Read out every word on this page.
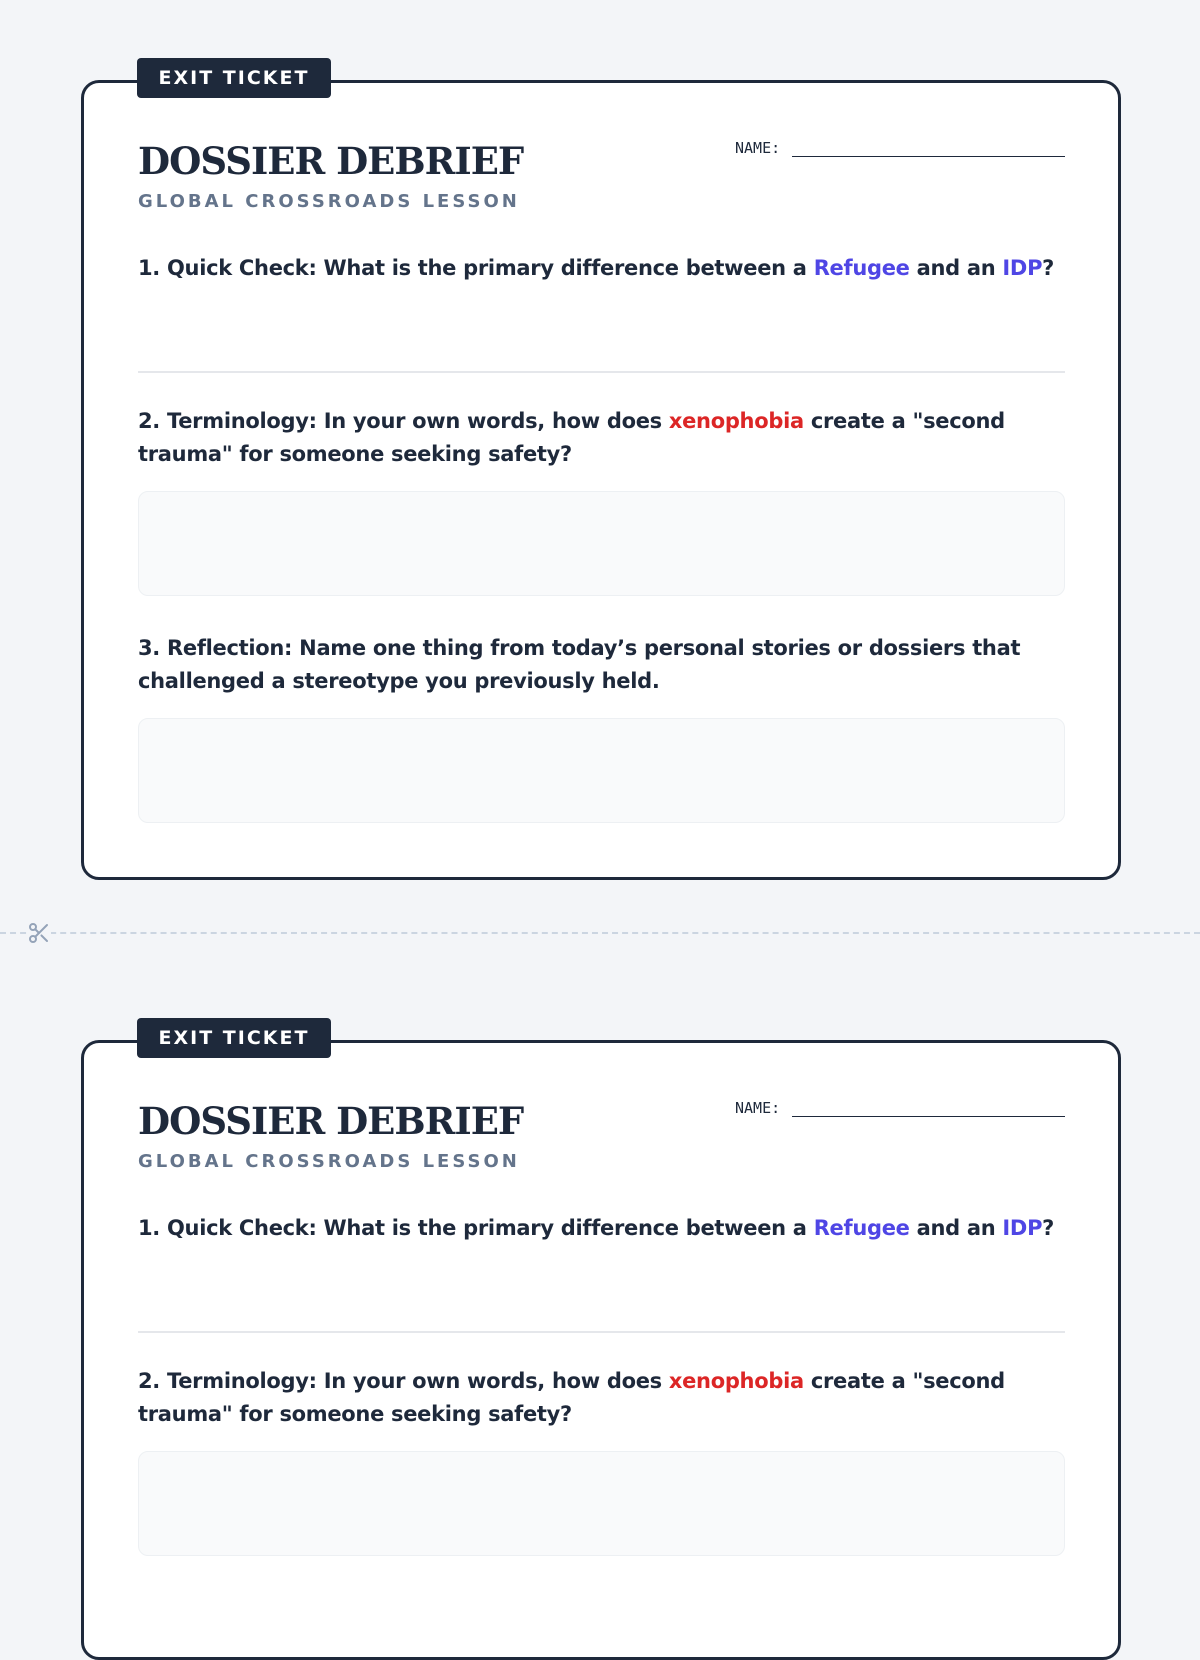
EXIT TICKET
DOSSIER DEBRIEF
GLOBAL CROSSROADS LESSON
NAME:

1. Quick Check: What is the primary difference between a Refugee and an IDP?

2. Terminology: In your own words, how does xenophobia create a "second trauma" for someone seeking safety?

3. Reflection: Name one thing from today’s personal stories or dossiers that challenged a stereotype you previously held.

EXIT TICKET
DOSSIER DEBRIEF
GLOBAL CROSSROADS LESSON
NAME:

1. Quick Check: What is the primary difference between a Refugee and an IDP?

2. Terminology: In your own words, how does xenophobia create a "second trauma" for someone seeking safety?
